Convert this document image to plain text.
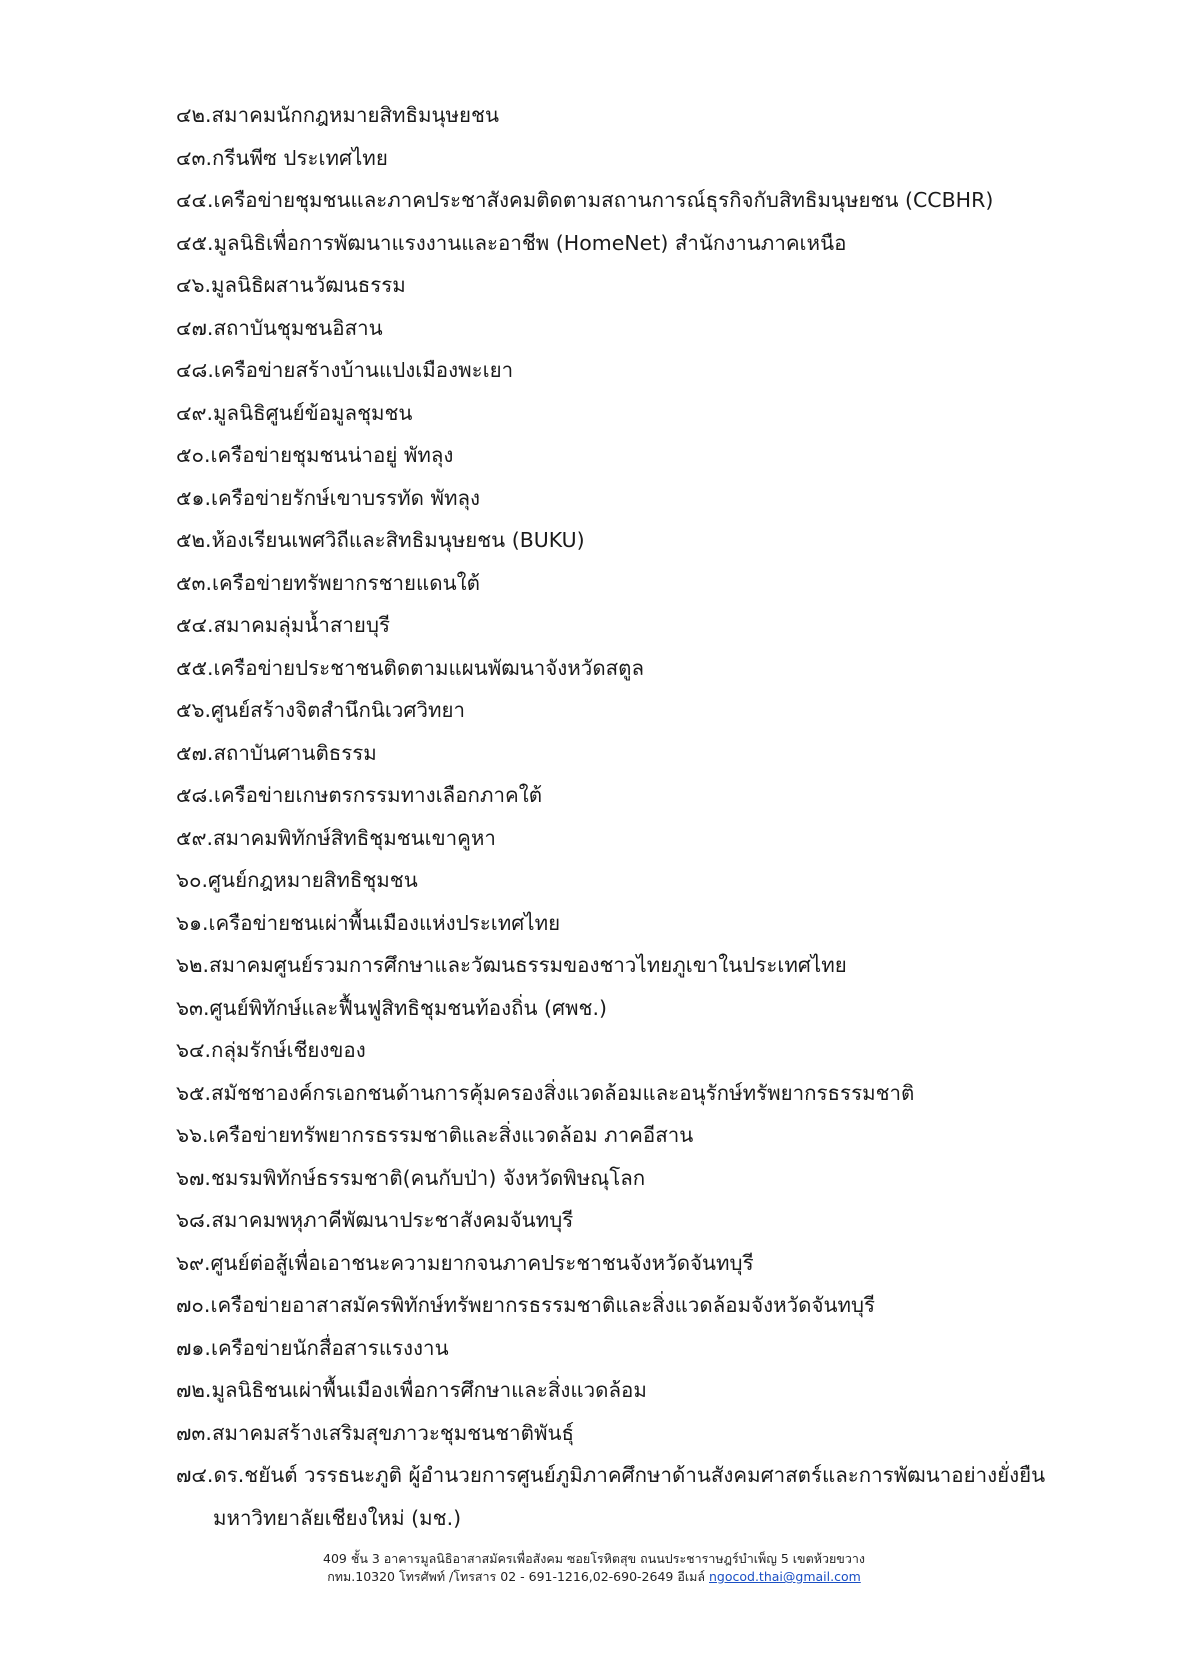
๔๒.สมาคมนักกฎหมายสิทธิมนุษยชน
๔๓.กรีนพีซ ประเทศไทย
๔๔.เครือข่ายชุมชนและภาคประชาสังคมติดตามสถานการณ์ธุรกิจกับสิทธิมนุษยชน (CCBHR)
๔๕.มูลนิธิเพื่อการพัฒนาแรงงานและอาชีพ (HomeNet) สำนักงานภาคเหนือ
๔๖.มูลนิธิผสานวัฒนธรรม
๔๗.สถาบันชุมชนอิสาน
๔๘.เครือข่ายสร้างบ้านแปงเมืองพะเยา
๔๙.มูลนิธิศูนย์ข้อมูลชุมชน
๕๐.เครือข่ายชุมชนน่าอยู่ พัทลุง
๕๑.เครือข่ายรักษ์เขาบรรทัด พัทลุง
๕๒.ห้องเรียนเพศวิถีและสิทธิมนุษยชน (BUKU)
๕๓.เครือข่ายทรัพยากรชายแดนใต้
๕๔.สมาคมลุ่มน้ำสายบุรี
๕๕.เครือข่ายประชาชนติดตามแผนพัฒนาจังหวัดสตูล
๕๖.ศูนย์สร้างจิตสำนึกนิเวศวิทยา
๕๗.สถาบันศานติธรรม
๕๘.เครือข่ายเกษตรกรรมทางเลือกภาคใต้
๕๙.สมาคมพิทักษ์สิทธิชุมชนเขาคูหา
๖๐.ศูนย์กฎหมายสิทธิชุมชน
๖๑.เครือข่ายชนเผ่าพื้นเมืองแห่งประเทศไทย
๖๒.สมาคมศูนย์รวมการศึกษาและวัฒนธรรมของชาวไทยภูเขาในประเทศไทย
๖๓.ศูนย์พิทักษ์และฟื้นฟูสิทธิชุมชนท้องถิ่น (ศพช.)
๖๔.กลุ่มรักษ์เชียงของ
๖๕.สมัชชาองค์กรเอกชนด้านการคุ้มครองสิ่งแวดล้อมและอนุรักษ์ทรัพยากรธรรมชาติ
๖๖.เครือข่ายทรัพยากรธรรมชาติและสิ่งแวดล้อม ภาคอีสาน
๖๗.ชมรมพิทักษ์ธรรมชาติ(คนกับป่า) จังหวัดพิษณุโลก
๖๘.สมาคมพหุภาคีพัฒนาประชาสังคมจันทบุรี
๖๙.ศูนย์ต่อสู้เพื่อเอาชนะความยากจนภาคประชาชนจังหวัดจันทบุรี
๗๐.เครือข่ายอาสาสมัครพิทักษ์ทรัพยากรธรรมชาติและสิ่งแวดล้อมจังหวัดจันทบุรี
๗๑.เครือข่ายนักสื่อสารแรงงาน
๗๒.มูลนิธิชนเผ่าพื้นเมืองเพื่อการศึกษาและสิ่งแวดล้อม
๗๓.สมาคมสร้างเสริมสุขภาวะชุมชนชาติพันธุ์
๗๔.ดร.ชยันต์ วรรธนะภูติ ผู้อำนวยการศูนย์ภูมิภาคศึกษาด้านสังคมศาสตร์และการพัฒนาอย่างยั่งยืน
มหาวิทยาลัยเชียงใหม่ (มช.)
409 ชั้น 3 อาคารมูลนิธิอาสาสมัครเพื่อสังคม ซอยโรหิตสุข ถนนประชาราษฎร์บำเพ็ญ 5 เขตห้วยขวาง
กทม.10320 โทรศัพท์ /โทรสาร 02 - 691-1216,02-690-2649 อีเมล์ ngocod.thai@gmail.com
